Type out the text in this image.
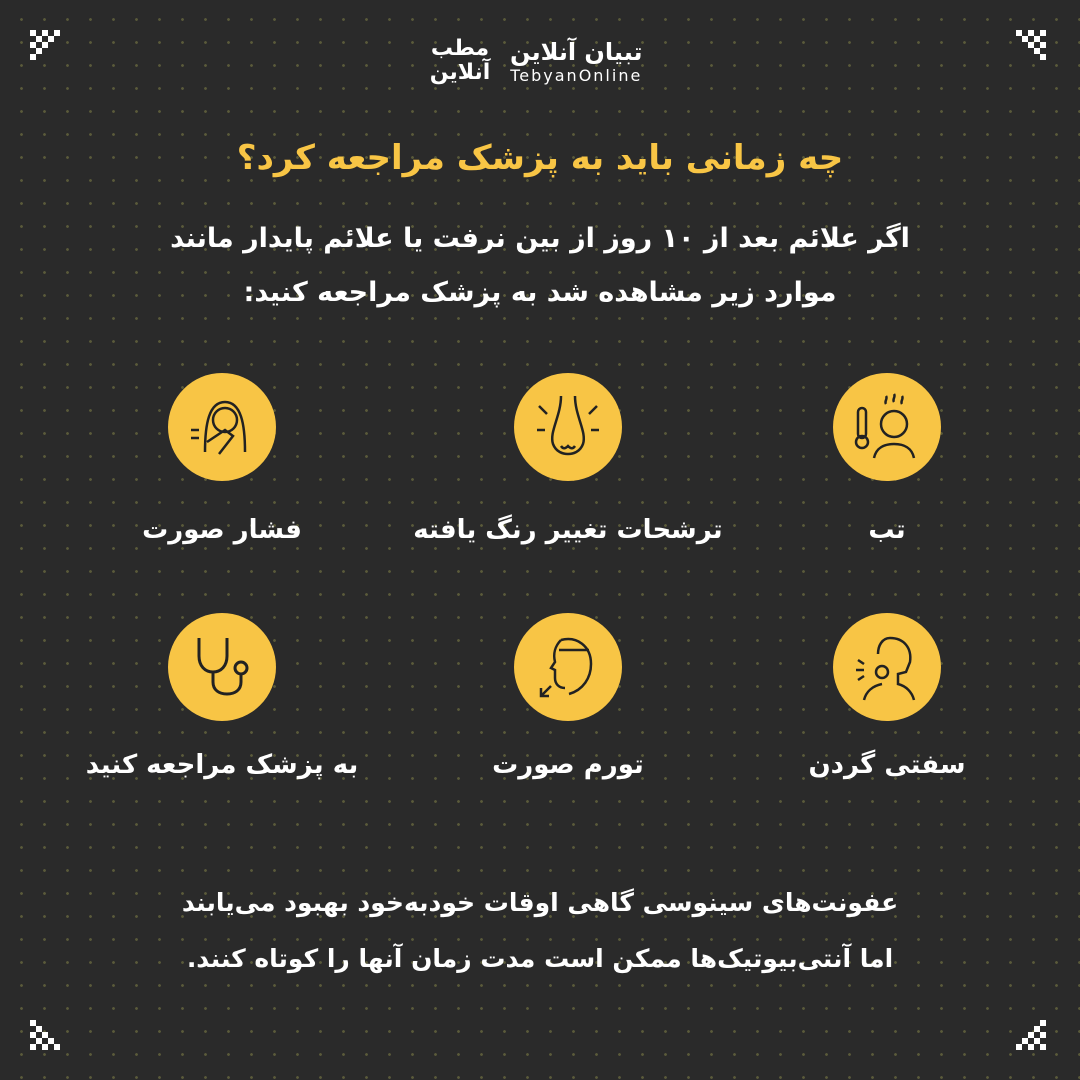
مطب آنلاین
تبیان آنلاین
TebyanOnline
چه زمانی باید به پزشک مراجعه کرد؟
اگر علائم بعد از ۱۰ روز از بین نرفت یا علائم پایدار مانند
موارد زیر مشاهده شد به پزشک مراجعه کنید:
تب
ترشحات تغییر رنگ یافته
فشار صورت
سفتی گردن
تورم صورت
به پزشک مراجعه کنید
عفونت‌های سینوسی گاهی اوقات خودبه‌خود بهبود می‌یابند
اما آنتی‌بیوتیک‌ها ممکن است مدت زمان آنها را کوتاه کنند.
